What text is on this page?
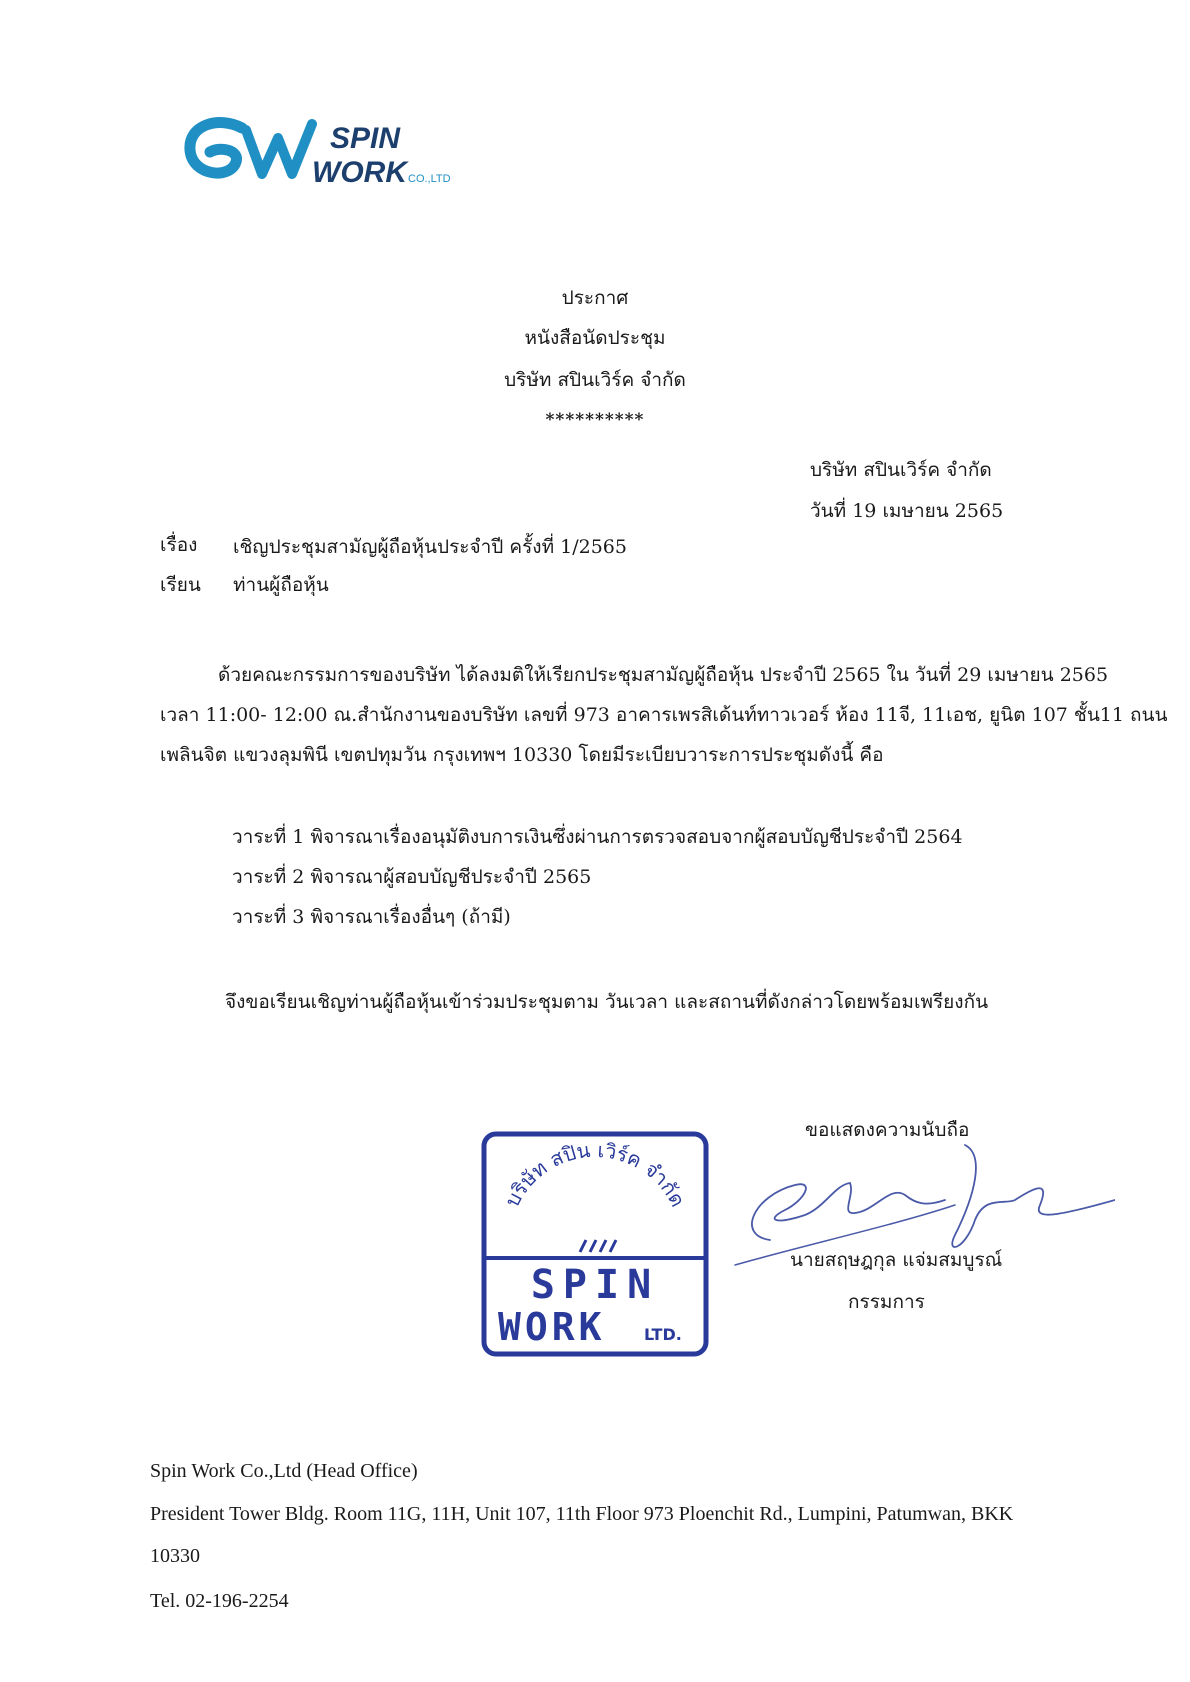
SPIN
WORK CO.,LTD
ประกาศ
หนังสือนัดประชุม
บริษัท สปินเวิร์ค จำกัด
**********
บริษัท สปินเวิร์ค จำกัด
วันที่ 19 เมษายน 2565
เรื่อง เชิญประชุมสามัญผู้ถือหุ้นประจำปี ครั้งที่ 1/2565
เรียน ท่านผู้ถือหุ้น
ด้วยคณะกรรมการของบริษัท ได้ลงมติให้เรียกประชุมสามัญผู้ถือหุ้น ประจำปี 2565 ใน วันที่ 29 เมษายน 2565
เวลา 11:00- 12:00 ณ.สำนักงานของบริษัท เลขที่ 973 อาคารเพรสิเด้นท์ทาวเวอร์ ห้อง 11จี, 11เอช, ยูนิต 107 ชั้น11 ถนน
เพลินจิต แขวงลุมพินี เขตปทุมวัน กรุงเทพฯ 10330 โดยมีระเบียบวาระการประชุมดังนี้ คือ
วาระที่ 1 พิจารณาเรื่องอนุมัติงบการเงินซึ่งผ่านการตรวจสอบจากผู้สอบบัญชีประจำปี 2564
วาระที่ 2 พิจารณาผู้สอบบัญชีประจำปี 2565
วาระที่ 3 พิจารณาเรื่องอื่นๆ (ถ้ามี)
จึงขอเรียนเชิญท่านผู้ถือหุ้นเข้าร่วมประชุมตาม วันเวลา และสถานที่ดังกล่าวโดยพร้อมเพรียงกัน
ขอแสดงความนับถือ
บริษัท สปิน เวิร์ค จำกัด
SPIN
WORK LTD.
นายสฤษฎกุล แจ่มสมบูรณ์
กรรมการ
Spin Work Co.,Ltd (Head Office)
President Tower Bldg. Room 11G, 11H, Unit 107, 11th Floor 973 Ploenchit Rd., Lumpini, Patumwan, BKK
10330
Tel. 02-196-2254
